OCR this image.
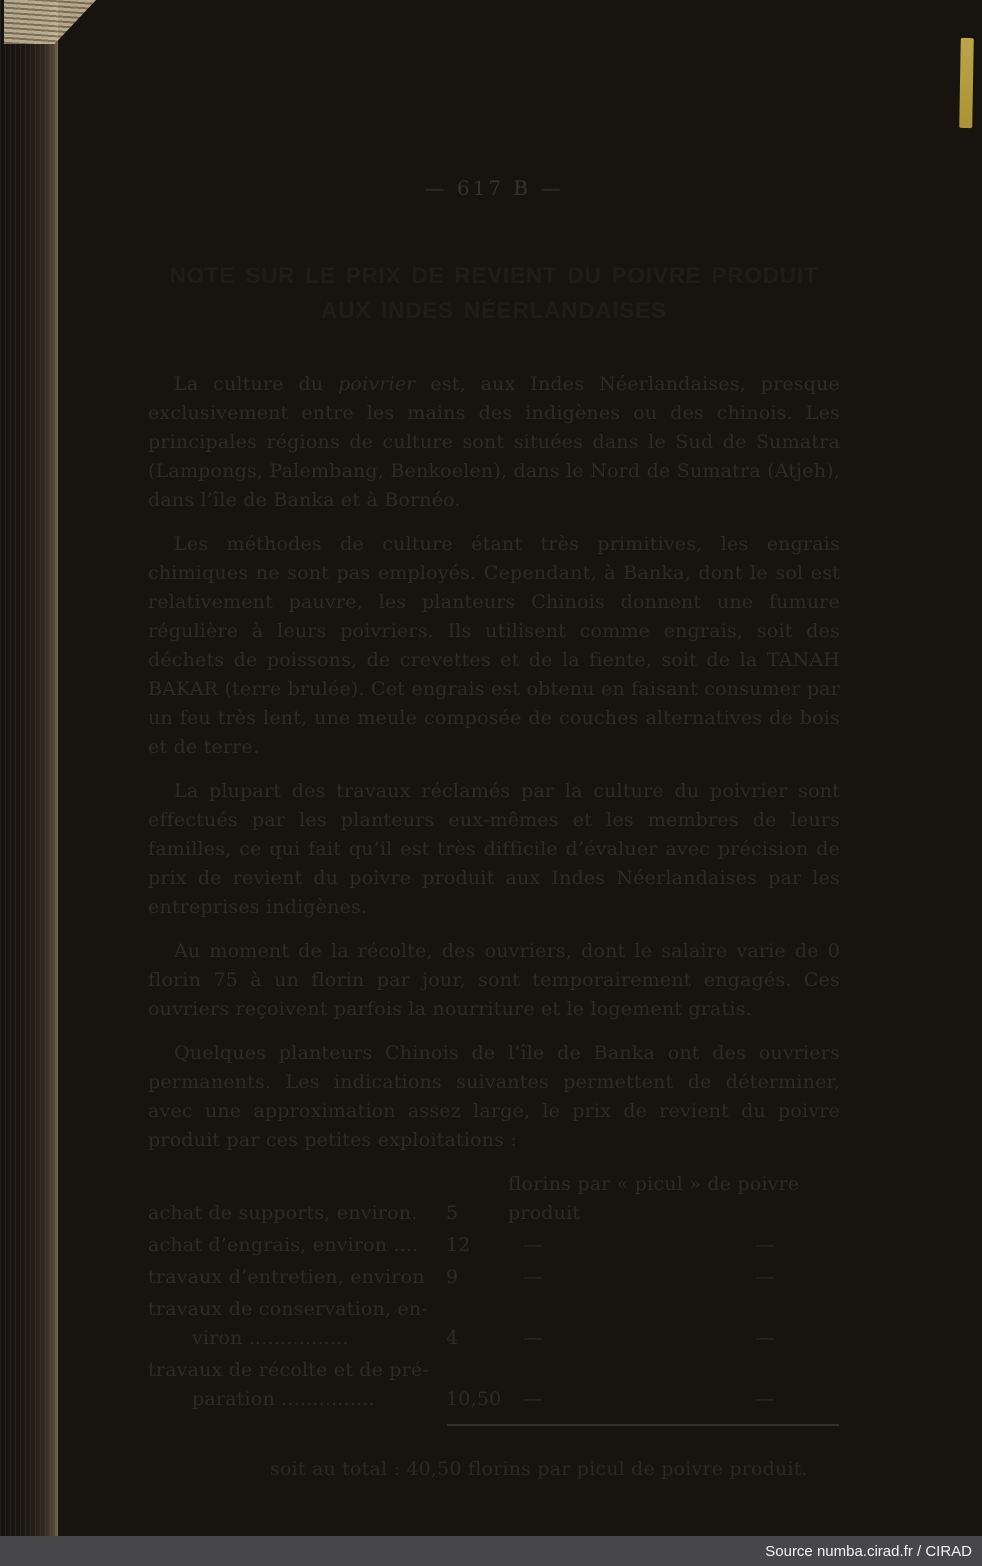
— 617 B —
NOTE SUR LE PRIX DE REVIENT DU POIVRE PRODUIT
AUX INDES NÉERLANDAISES

La culture du poivrier est, aux Indes Néerlandaises, presque exclusivement entre les mains des indigènes ou des chinois. Les principales régions de culture sont situées dans le Sud de Sumatra (Lampongs, Palembang, Benkoelen), dans le Nord de Sumatra (Atjeh), dans l’île de Banka et à Bornéo.

Les méthodes de culture étant très primitives, les engrais chimiques ne sont pas employés. Cependant, à Banka, dont le sol est relativement pauvre, les planteurs Chinois donnent une fumure régulière à leurs poivriers. Ils utilisent comme engrais, soit des déchets de poissons, de crevettes et de la fiente, soit de la TANAH BAKAR (terre brulée). Cet engrais est obtenu en faisant consumer par un feu très lent, une meule composée de couches alternatives de bois et de terre.

La plupart des travaux réclamés par la culture du poivrier sont effectués par les planteurs eux-mêmes et les membres de leurs familles, ce qui fait qu’il est très difficile d’évaluer avec précision de prix de revient du poivre produit aux Indes Néerlandaises par les entreprises indigènes.

Au moment de la récolte, des ouvriers, dont le salaire varie de 0 florin 75 à un florin par jour, sont temporairement engagés. Ces ouvriers reçoivent parfois la nourriture et le logement gratis.

Quelques planteurs Chinois de l’île de Banka ont des ouvriers permanents. Les indications suivantes permettent de déterminer, avec une approximation assez large, le prix de revient du poivre produit par ces petites exploitations :

achat de supports, environ.	5
florins par « picul » de poivre produit
achat d’engrais, environ ....	12	—	—
travaux d’entretien, environ	9	—	—
travaux de conservation, en-
viron ................	4	—	—
travaux de récolte et de pré-
paration ...............	10,50	—	—

soit au total : 40,50 florins par picul de poivre produit.

Source numba.cirad.fr / CIRAD
